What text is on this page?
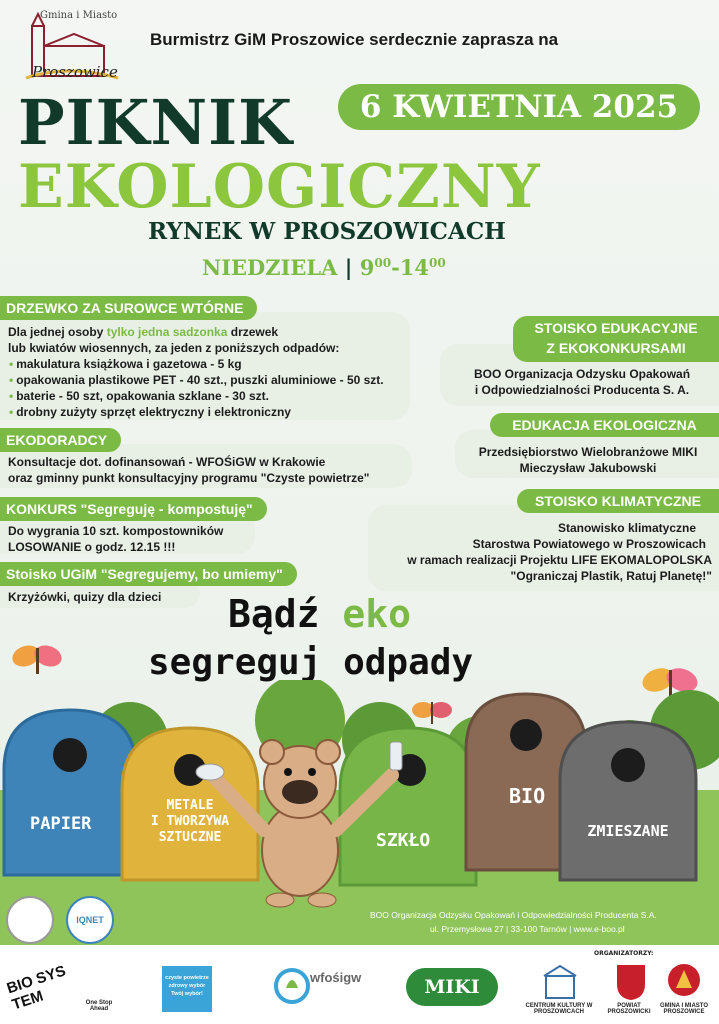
Gmina i Miasto
Proszowice
Burmistrz GiM Proszowice serdecznie zaprasza na
PIKNIK	6 KWIETNIA 2025
EKOLOGICZNY
RYNEK W PROSZOWICACH
NIEDZIELA | $9^{00}-14^{00}$
DRZEWKO ZA SUROWCE WTÓRNE
Dla jednej osoby tylko jedna sadzonka drzewek
lub kwiatów wiosennych, za jeden z poniższych odpadów:
• makulatura książkowa i gazetowa - 5 kg
• opakowania plastikowe PET - 40 szt., puszki aluminiowe - 50 szt.
• baterie - 50 szt, opakowania szklane - 30 szt.
• drobny zużyty sprzęt elektryczny i elektroniczny
EKODORADCY
Konsultacje dot. dofinansowań - WFOŚiGW w Krakowie
oraz gminny punkt konsultacyjny programu "Czyste powietrze"
KONKURS "Segreguję - kompostuję"
Do wygrania 10 szt. kompostowników
LOSOWANIE o godz. 12.15 !!!
Stoisko UGiM "Segregujemy, bo umiemy"
Krzyżówki, quizy dla dzieci
STOISKO EDUKACYJNE
Z EKOKONKURSAMI
BOO Organizacja Odzysku Opakowań
i Odpowiedzialności Producenta S. A.
EDUKACJA EKOLOGICZNA
Przedsiębiorstwo Wielobranżowe MIKI
Mieczysław Jakubowski
STOISKO KLIMATYCZNE
Stanowisko klimatyczne
Starostwa Powiatowego w Proszowicach
w ramach realizacji Projektu LIFE EKOMALOPOLSKA
"Ograniczaj Plastik, Ratuj Planetę!"
Bądź eko
segreguj odpady
PAPIER
METALE
I TWORZYWA
SZTUCZNE	SZKŁO
BIO
ZMIESZANE
IQNET	BOO Organizacja Odzysku Opakowań i Odpowiedzialności Producenta S.A.
ul. Przemysłowa 27 | 33-100 Tarnów | www.e-boo.pl
ORGANIZATORZY:
BIO SYS TEM	One Stop Ahead
czyste powietrze zdrowy wybór
Twój wybór!
wfośigw	MIKI
CENTRUM KULTURY W PROSZOWICACH
POWIAT PROSZOWICKI
GMINA I MIASTO PROSZOWICE
